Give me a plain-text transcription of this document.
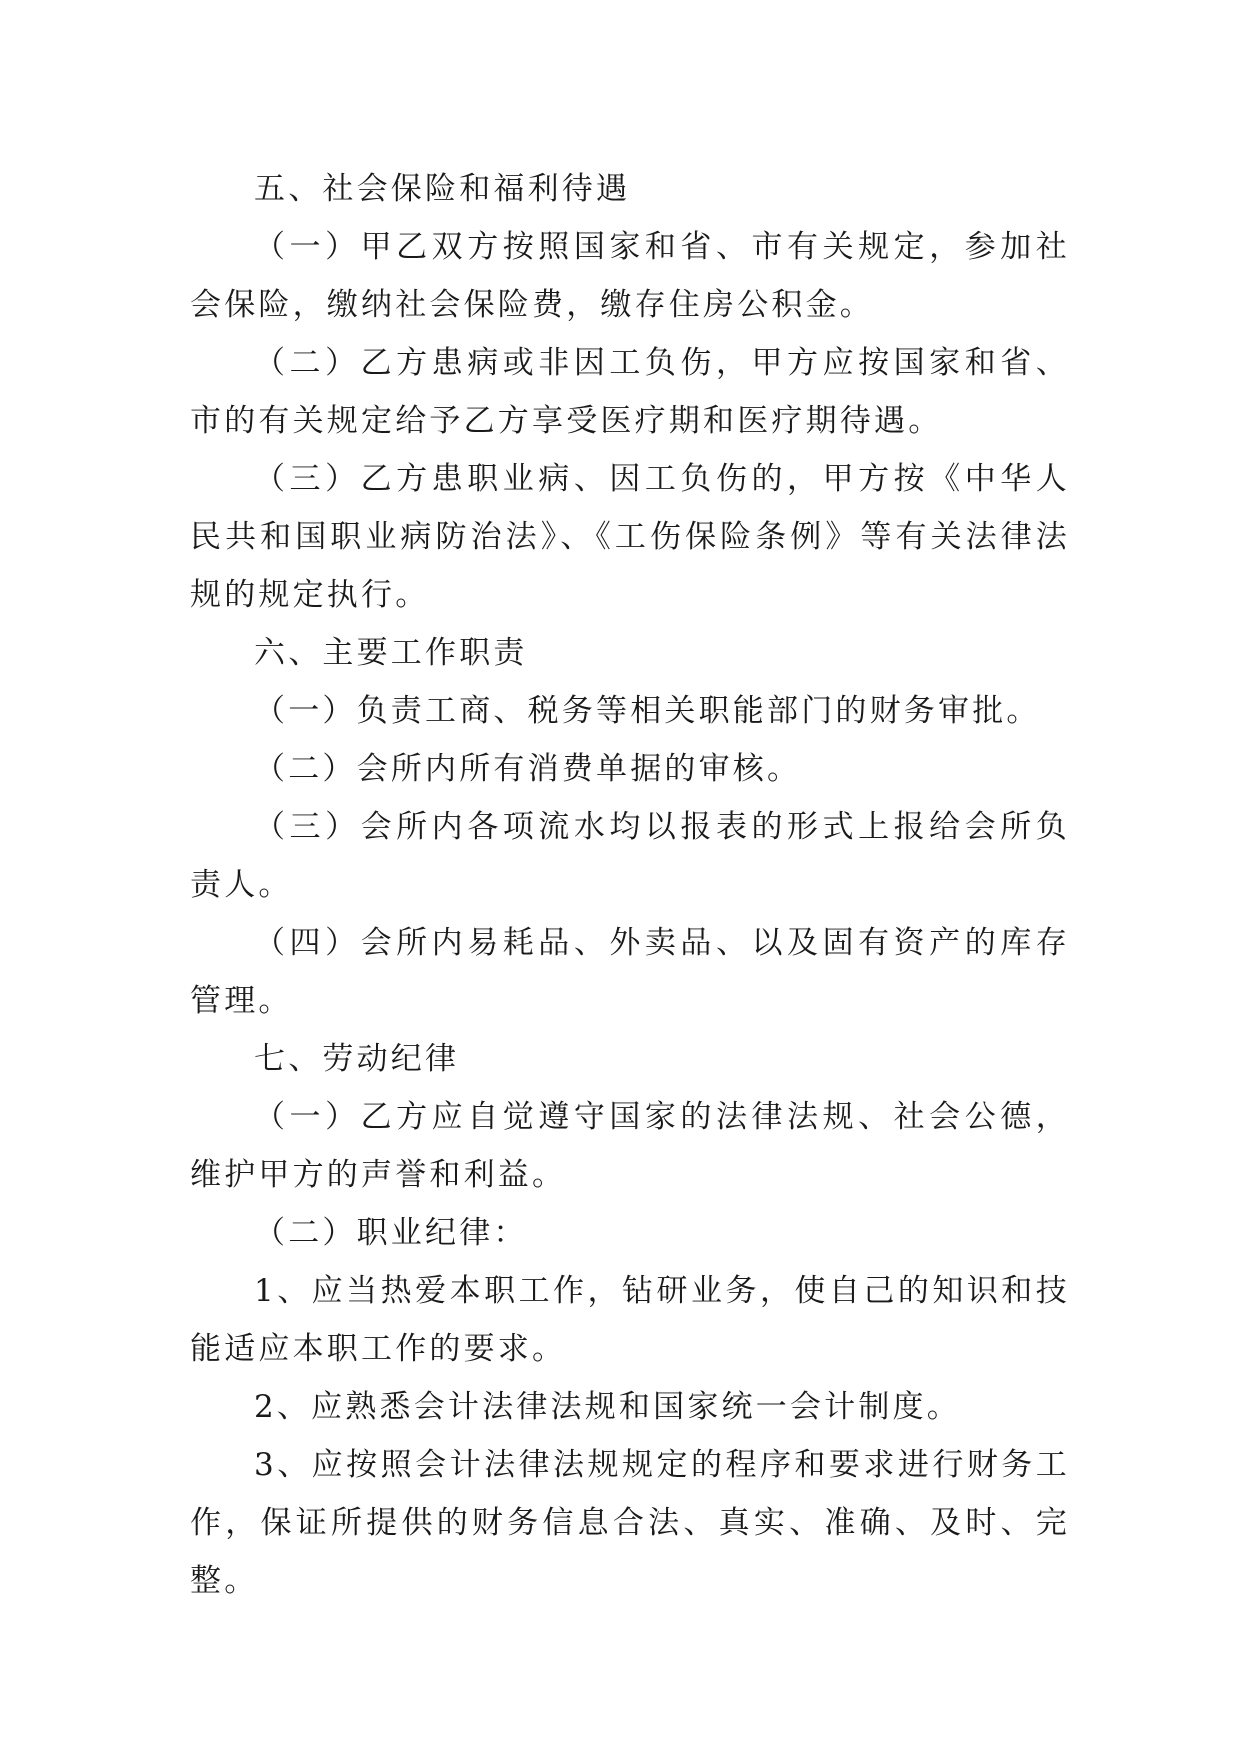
五、社会保险和福利待遇

（一）甲乙双方按照国家和省、市有关规定，参加社会保险，缴纳社会保险费，缴存住房公积金。

（二）乙方患病或非因工负伤，甲方应按国家和省、市的有关规定给予乙方享受医疗期和医疗期待遇。

（三）乙方患职业病、因工负伤的，甲方按《中华人民共和国职业病防治法》、《工伤保险条例》等有关法律法规的规定执行。

六、主要工作职责

（一）负责工商、税务等相关职能部门的财务审批。

（二）会所内所有消费单据的审核。

（三）会所内各项流水均以报表的形式上报给会所负责人。

（四）会所内易耗品、外卖品、以及固有资产的库存管理。

七、劳动纪律

（一）乙方应自觉遵守国家的法律法规、社会公德，维护甲方的声誉和利益。

（二）职业纪律：

1、应当热爱本职工作，钻研业务，使自己的知识和技能适应本职工作的要求。

2、应熟悉会计法律法规和国家统一会计制度。

3、应按照会计法律法规规定的程序和要求进行财务工作，保证所提供的财务信息合法、真实、准确、及时、完整。
